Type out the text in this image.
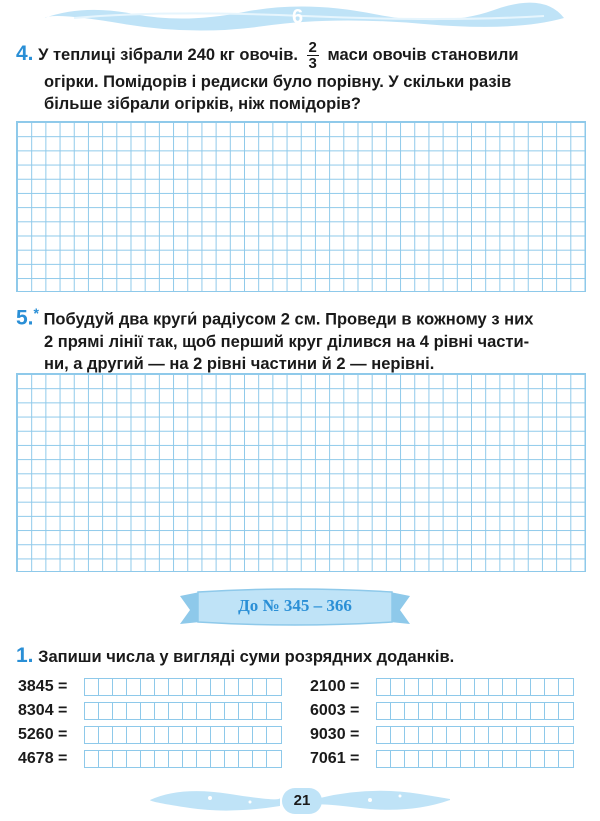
6
4. У теплиці зібрали 240 кг овочів. $\frac{2}{3}$ маси овочів становили
огірки. Помідорів і редиски було порівну. У скільки разів
більше зібрали огірків, ніж помідорів?
5.* Побудуй два круги́ радіусом 2 см. Проведи в кожному з них
2 прямі лінії так, щоб перший круг ділився на 4 рівні части-
ни, а другий — на 2 рівні частини й 2 — нерівні.
До № 345 – 366
1. Запиши числа у вигляді суми розрядних доданків.
3845 =
8304 =
5260 =
4678 =
2100 =
6003 =
9030 =
7061 =
21
